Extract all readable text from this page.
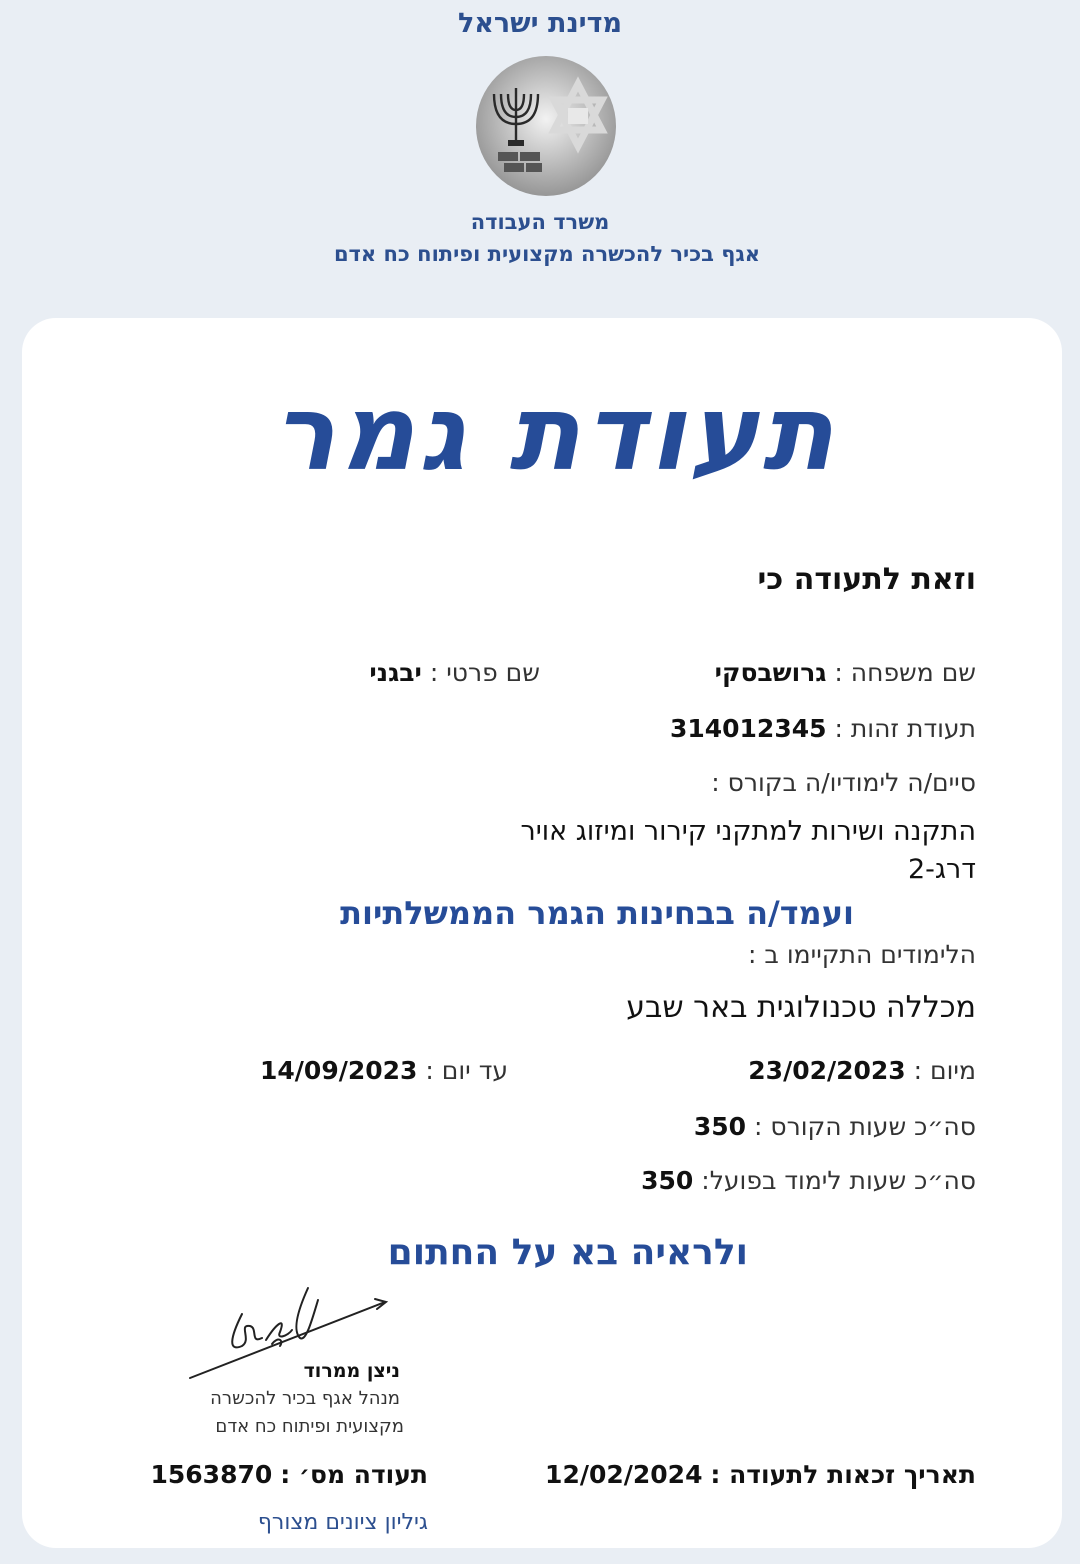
מדינת ישראל
משרד העבודה
אגף בכיר להכשרה מקצועית ופיתוח כח אדם
תעודת גמר
וזאת לתעודה כי
שם משפחה : גרושבסקי
שם פרטי : יבגני
תעודת זהות : 314012345
סיים/ה לימודיו/ה בקורס :
התקנה ושירות למתקני קירור ומיזוג אויר
דרג-2
ועמד/ה בבחינות הגמר הממשלתיות
הלימודים התקיימו ב :
מכללה טכנולוגית באר שבע
מיום : 23/02/2023
עד יום : 14/09/2023
סה״כ שעות הקורס : 350
סה״כ שעות לימוד בפועל: 350
ולראיה בא על החתום
ניצן ממרוד
מנהל אגף בכיר להכשרה
מקצועית ופיתוח כח אדם
תאריך זכאות לתעודה : 12/02/2024
תעודה מס׳ : 1563870
גיליון ציונים מצורף
